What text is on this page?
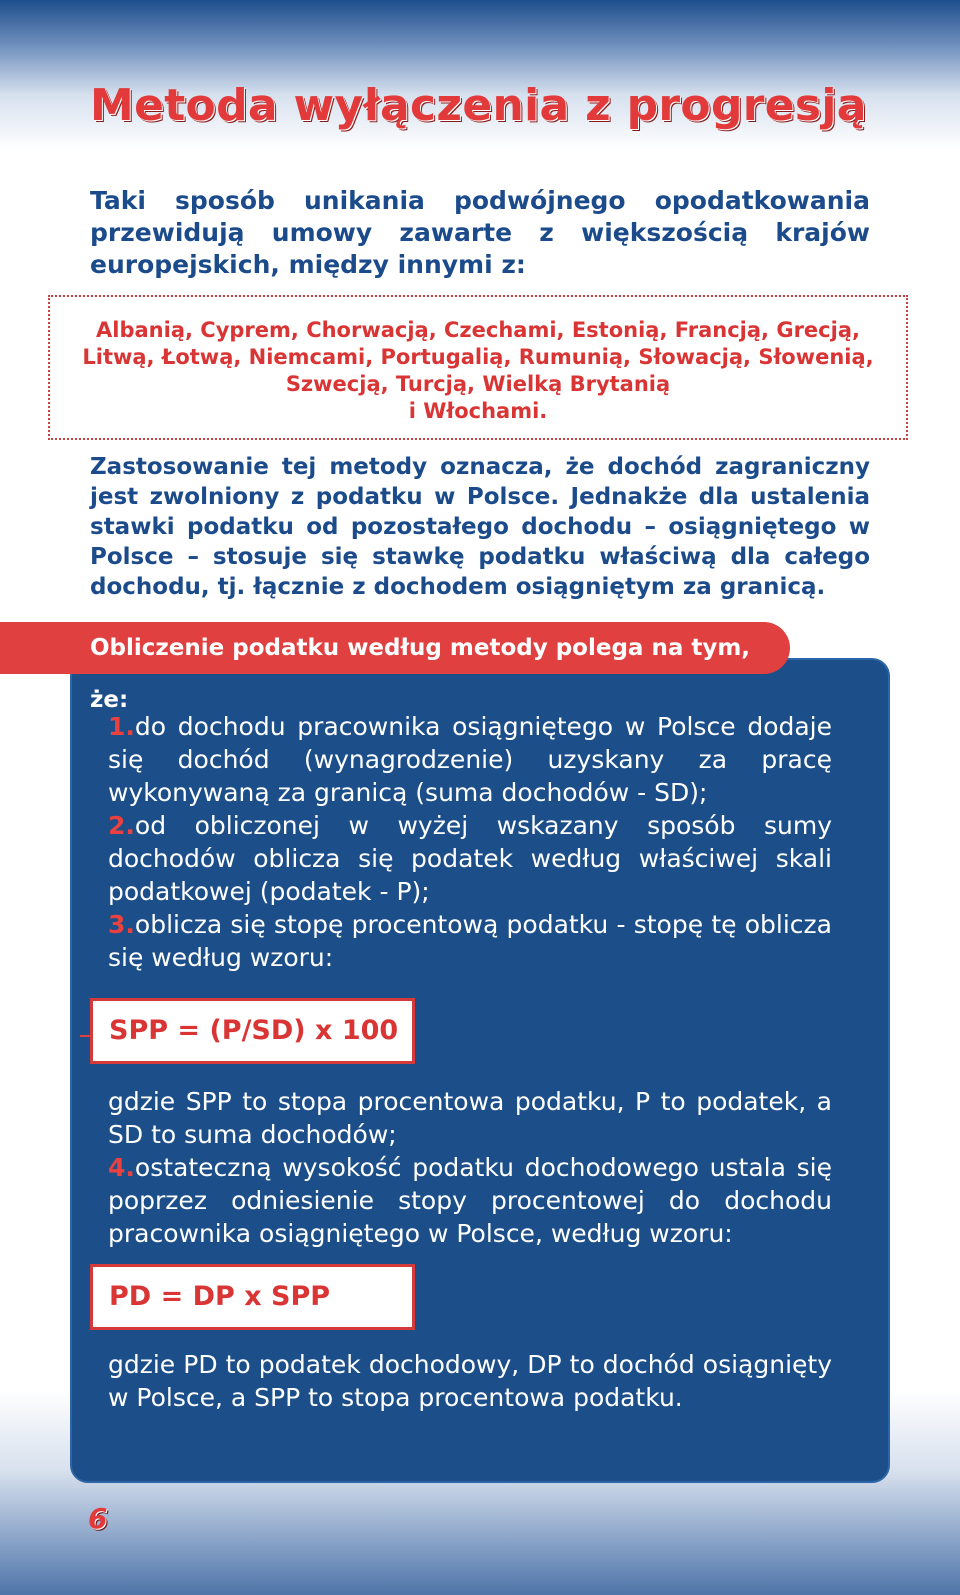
Metoda wyłączenia z progresją

Taki sposób unikania podwójnego opodatkowania przewidują umowy zawarte z większością krajów europejskich, między innymi z:

Albanią, Cyprem, Chorwacją, Czechami, Estonią, Francją, Grecją,
Litwą, Łotwą, Niemcami, Portugalią, Rumunią, Słowacją, Słowenią,
Szwecją, Turcją, Wielką Brytanią
i Włochami.

Zastosowanie tej metody oznacza, że dochód zagraniczny jest zwolniony z podatku w Polsce. Jednakże dla ustalenia stawki podatku od pozostałego dochodu – osiągniętego w Polsce – stosuje się stawkę podatku właściwą dla całego dochodu, tj. łącznie z dochodem osiągniętym za granicą.

Obliczenie podatku według metody polega na tym, że:

1.do dochodu pracownika osiągniętego w Polsce dodaje się dochód (wynagrodzenie) uzyskany za pracę wykonywaną za granicą (suma dochodów - SD);
2.od obliczonej w wyżej wskazany sposób sumy dochodów oblicza się podatek według właściwej skali podatkowej (podatek - P);
3.oblicza się stopę procentową podatku - stopę tę oblicza się według wzoru:

SPP = (P/SD) x 100

gdzie SPP to stopa procentowa podatku, P to podatek, a SD to suma dochodów;
4.ostateczną wysokość podatku dochodowego ustala się poprzez odniesienie stopy procentowej do dochodu pracownika osiągniętego w Polsce, według wzoru:

PD = DP x SPP

gdzie PD to podatek dochodowy, DP to dochód osiągnięty w Polsce, a SPP to stopa procentowa podatku.

6
